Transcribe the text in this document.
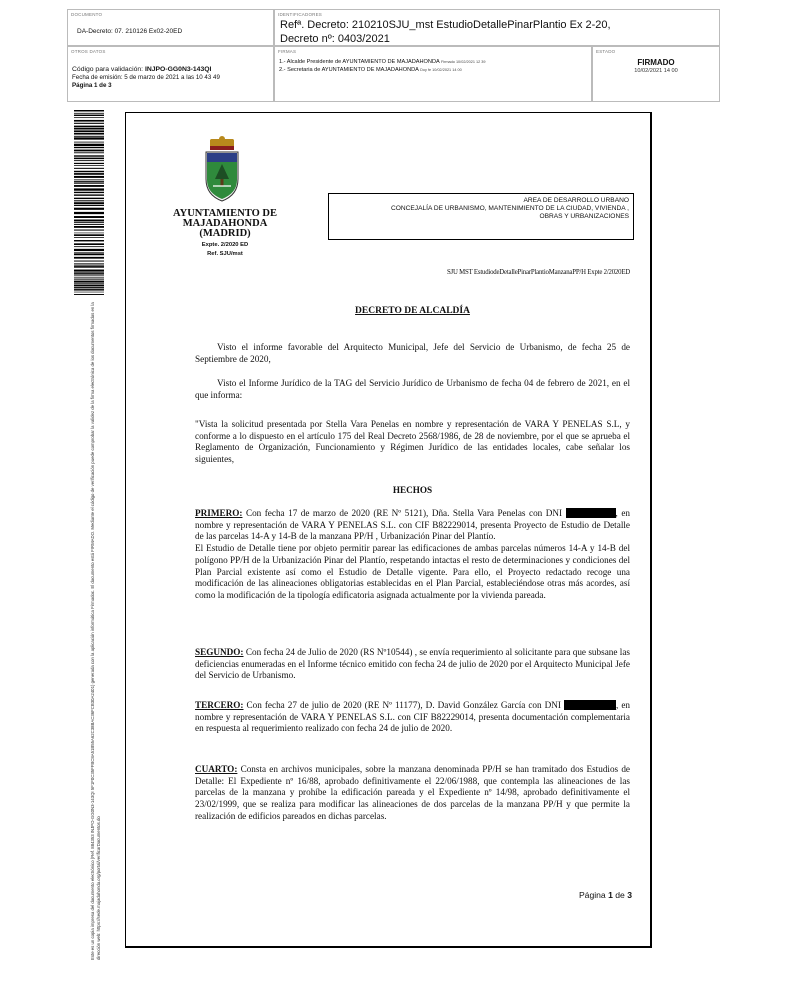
DOCUMENTO
DA-Decreto: 07. 210126 Ex02-20ED
IDENTIFICADORES
Refª. Decreto: 210210SJU_mst EstudioDetallePinarPlantio Ex 2-20,
Decreto nº: 0403/2021
OTROS DATOS
Código para validación: INJPO-GG0N3-143QI
Fecha de emisión: 5 de marzo de 2021 a las 10 43 49
Página 1 de 3
FIRMAS
1.- Alcalde Presidente de AYUNTAMIENTO DE MAJADAHONDA Firmado 10/02/2021 12 39
2.- Secretaria de AYUNTAMIENTO DE MAJADAHONDA Doy fe 10/02/2021 14 00
ESTADO
FIRMADO
10/02/2021 14 00
Este es un copia impresa del documento electrónico (Ref. 884353 INJPO-GG0N3-143QI 5F1F0C35FFBC8A51B55A62C38BAC36FCB30A2401) generada con la aplicación informática Firmadoc. El documento está FIRMADO. Mediante el código de verificación puede comprobar la validez de la firma electrónica de los documentos firmados en la dirección web: https://sede.majadahonda.org/portal/verificarDocumentos.do
AYUNTAMIENTO DE
MAJADAHONDA
(MADRID)
Expte. 2/2020 ED
Ref. SJU/mst
AREA DE DESARROLLO URBANO
CONCEJALÍA DE URBANISMO, MANTENIMIENTO DE LA CIUDAD, VIVIENDA ,
OBRAS Y URBANIZACIONES
SJU MST EstudiodeDetallePinarPlantioManzanaPP/H Expte 2/2020ED
DECRETO DE ALCALDÍA

Visto el informe favorable del Arquitecto Municipal, Jefe del Servicio de Urbanismo, de fecha 25 de Septiembre de 2020,

Visto el Informe Jurídico de la TAG del Servicio Jurídico de Urbanismo de fecha 04 de febrero de 2021, en el que informa:

"Vista la solicitud presentada por Stella Vara Penelas en nombre y representación de VARA Y PENELAS S.L, y conforme a lo dispuesto en el artículo 175 del Real Decreto 2568/1986, de 28 de noviembre, por el que se aprueba el Reglamento de Organización, Funcionamiento y Régimen Jurídico de las entidades locales, cabe señalar los siguientes,

HECHOS
PRIMERO: Con fecha 17 de marzo de 2020 (RE Nº 5121), Dña. Stella Vara Penelas con DNI	, en nombre y representación de VARA Y PENELAS S.L. con CIF B82229014, presenta Proyecto de Estudio de Detalle de las parcelas 14-A y 14-B de la manzana PP/H , Urbanización Pinar del Plantío.
El Estudio de Detalle tiene por objeto permitir parear las edificaciones de ambas parcelas números 14-A y 14-B del polígono PP/H de la Urbanización Pinar del Plantío, respetando intactas el resto de determinaciones y condiciones del Plan Parcial existente así como el Estudio de Detalle vigente. Para ello, el Proyecto redactado recoge una modificación de las alineaciones obligatorias establecidas en el Plan Parcial, estableciéndose otras más acordes, así como la modificación de la tipología edificatoria asignada actualmente por la vivienda pareada.
SEGUNDO: Con fecha 24 de Julio de 2020 (RS Nº10544) , se envía requerimiento al solicitante para que subsane las deficiencias enumeradas en el Informe técnico emitido con fecha 24 de julio de 2020 por el Arquitecto Municipal Jefe del Servicio de Urbanismo.
TERCERO: Con fecha 27 de julio de 2020 (RE Nº 11177), D. David González García con DNI	, en nombre y representación de VARA Y PENELAS S.L. con CIF B82229014, presenta documentación complementaria en respuesta al requerimiento realizado con fecha 24 de julio de 2020.
CUARTO: Consta en archivos municipales, sobre la manzana denominada PP/H se han tramitado dos Estudios de Detalle: El Expediente nº 16/88, aprobado definitivamente el 22/06/1988, que contempla las alineaciones de las parcelas de la manzana y prohíbe la edificación pareada y el Expediente nº 14/98, aprobado definitivamente el 23/02/1999, que se realiza para modificar las alineaciones de dos parcelas de la manzana PP/H y que permite la realización de edificios pareados en dichas parcelas.
Página 1 de 3
